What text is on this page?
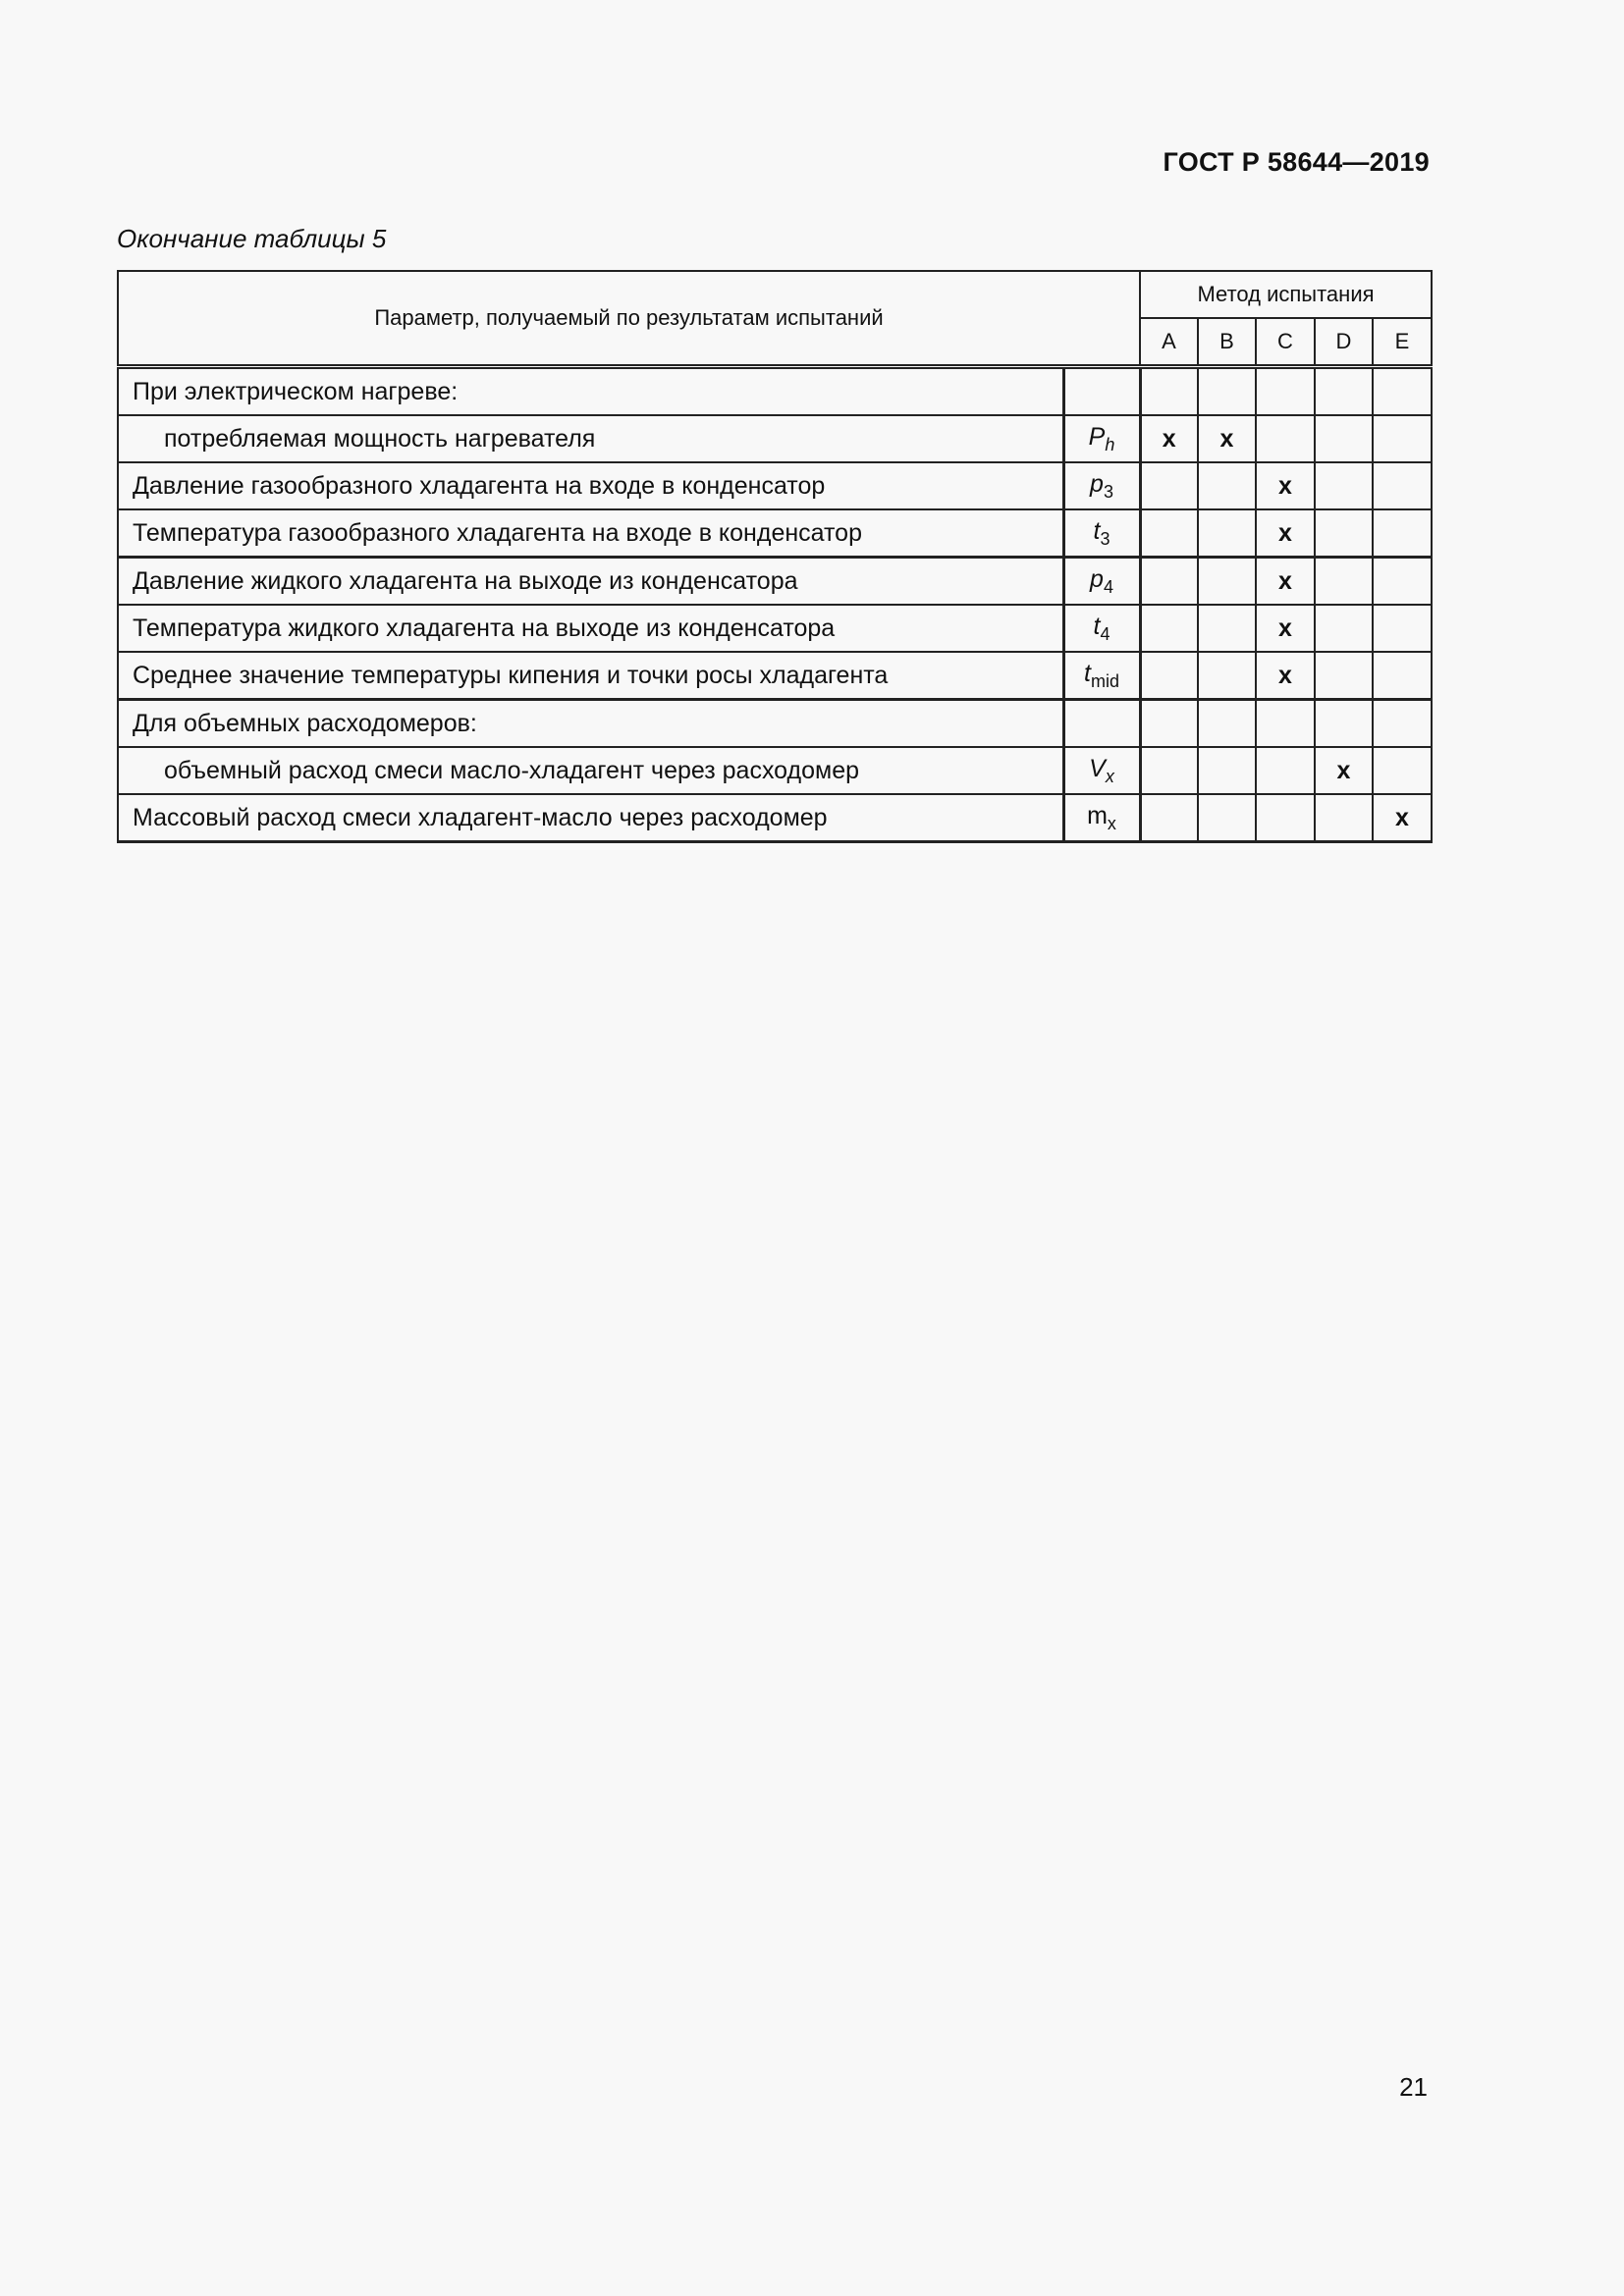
ГОСТ Р 58644—2019
Окончание таблицы 5
Параметр, получаемый по результатам испытаний		Метод испытания				
		A	B	C	D	E
При электрическом нагреве:						
потребляемая мощность нагревателя	$P_h$	x	x			
Давление газообразного хладагента на входе в конденсатор	$p_3$			x		
Температура газообразного хладагента на входе в конденсатор	$t_3$			x		
Давление жидкого хладагента на выходе из конденсатора	$p_4$			x		
Температура жидкого хладагента на выходе из конденсатора	$t_4$			x		
Среднее значение температуры кипения и точки росы хладагента	$t_{mid}$			x		
Для объемных расходомеров:						
объемный расход смеси масло-хладагент через расходомер	$V_x$				x	
Массовый расход смеси хладагент-масло через расходомер	$m_x$					x
21
